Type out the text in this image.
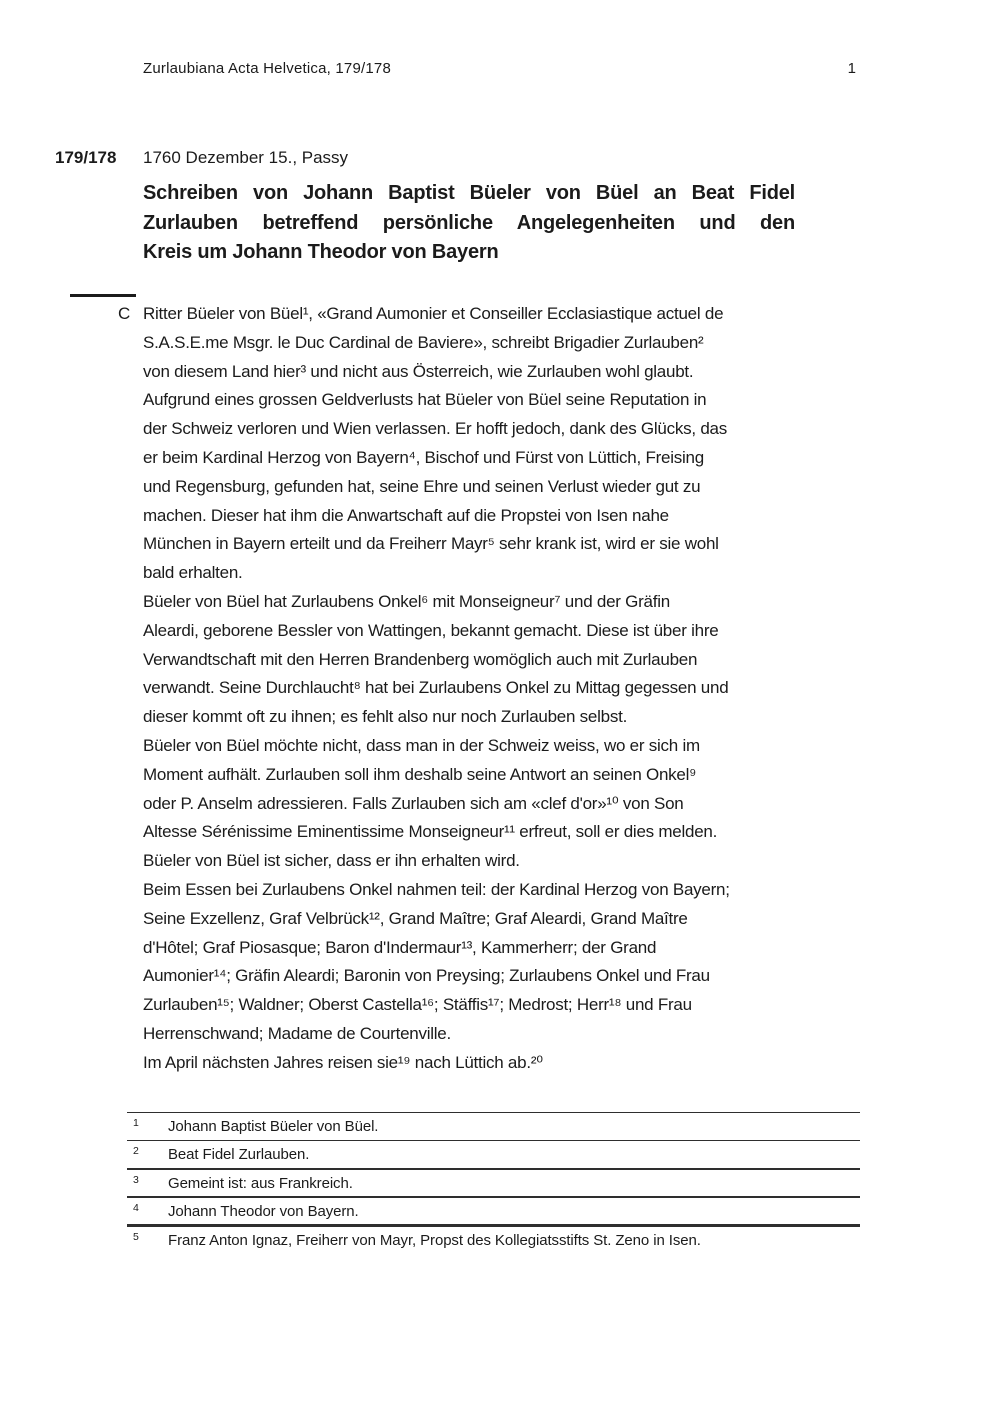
Zurlaubiana Acta Helvetica, 179/178	1
179/178 1760 Dezember 15., Passy
Schreiben von Johann Baptist Büeler von Büel an Beat Fidel
Zurlauben betreffend persönliche Angelegenheiten und den
Kreis um Johann Theodor von Bayern
C Ritter Büeler von Büel¹, «Grand Aumonier et Conseiller Ecclasiastique actuel de
S.A.S.E.me Msgr. le Duc Cardinal de Baviere», schreibt Brigadier Zurlauben²
von diesem Land hier³ und nicht aus Österreich, wie Zurlauben wohl glaubt.
Aufgrund eines grossen Geldverlusts hat Büeler von Büel seine Reputation in
der Schweiz verloren und Wien verlassen. Er hofft jedoch, dank des Glücks, das
er beim Kardinal Herzog von Bayern⁴, Bischof und Fürst von Lüttich, Freising
und Regensburg, gefunden hat, seine Ehre und seinen Verlust wieder gut zu
machen. Dieser hat ihm die Anwartschaft auf die Propstei von Isen nahe
München in Bayern erteilt und da Freiherr Mayr⁵ sehr krank ist, wird er sie wohl
bald erhalten.
Büeler von Büel hat Zurlaubens Onkel⁶ mit Monseigneur⁷ und der Gräfin
Aleardi, geborene Bessler von Wattingen, bekannt gemacht. Diese ist über ihre
Verwandtschaft mit den Herren Brandenberg womöglich auch mit Zurlauben
verwandt. Seine Durchlaucht⁸ hat bei Zurlaubens Onkel zu Mittag gegessen und
dieser kommt oft zu ihnen; es fehlt also nur noch Zurlauben selbst.
Büeler von Büel möchte nicht, dass man in der Schweiz weiss, wo er sich im
Moment aufhält. Zurlauben soll ihm deshalb seine Antwort an seinen Onkel⁹
oder P. Anselm adressieren. Falls Zurlauben sich am «clef d'or»¹⁰ von Son
Altesse Sérénissime Eminentissime Monseigneur¹¹ erfreut, soll er dies melden.
Büeler von Büel ist sicher, dass er ihn erhalten wird.
Beim Essen bei Zurlaubens Onkel nahmen teil: der Kardinal Herzog von Bayern;
Seine Exzellenz, Graf Velbrück¹², Grand Maître; Graf Aleardi, Grand Maître
d'Hôtel; Graf Piosasque; Baron d'Indermaur¹³, Kammerherr; der Grand
Aumonier¹⁴; Gräfin Aleardi; Baronin von Preysing; Zurlaubens Onkel und Frau
Zurlauben¹⁵; Waldner; Oberst Castella¹⁶; Stäffis¹⁷; Medrost; Herr¹⁸ und Frau
Herrenschwand; Madame de Courtenville.
Im April nächsten Jahres reisen sie¹⁹ nach Lüttich ab.²⁰
1	Johann Baptist Büeler von Büel.
2	Beat Fidel Zurlauben.
3	Gemeint ist: aus Frankreich.
4	Johann Theodor von Bayern.
5	Franz Anton Ignaz, Freiherr von Mayr, Propst des Kollegiatsstifts St. Zeno in Isen.
